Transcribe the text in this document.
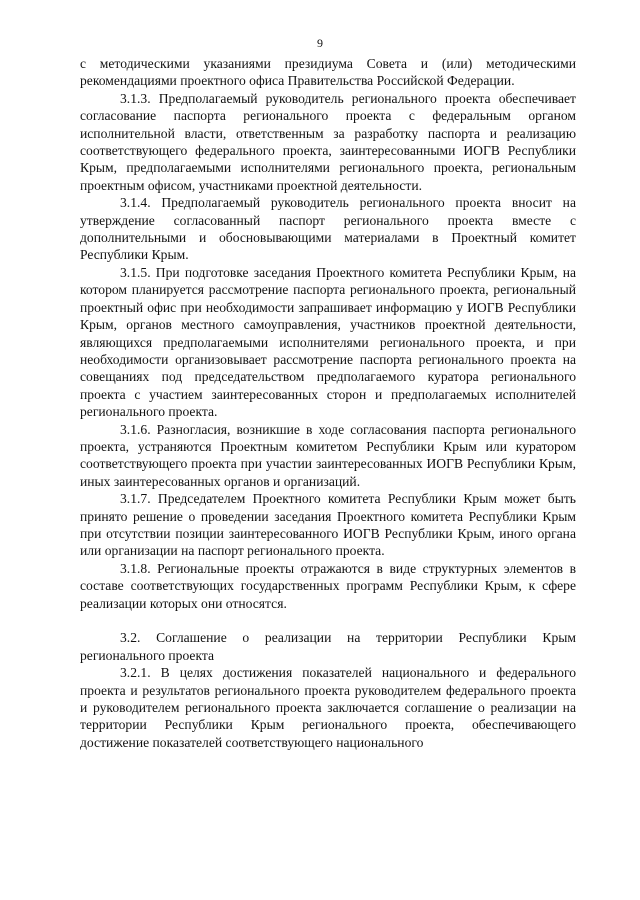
9

с методическими указаниями президиума Совета и (или) методическими рекомендациями проектного офиса Правительства Российской Федерации.

3.1.3. Предполагаемый руководитель регионального проекта обеспечивает согласование паспорта регионального проекта с федеральным органом исполнительной власти, ответственным за разработку паспорта и реализацию соответствующего федерального проекта, заинтересованными ИОГВ Республики Крым, предполагаемыми исполнителями регионального проекта, региональным проектным офисом, участниками проектной деятельности.

3.1.4. Предполагаемый руководитель регионального проекта вносит на утверждение согласованный паспорт регионального проекта вместе с дополнительными и обосновывающими материалами в Проектный комитет Республики Крым.

3.1.5. При подготовке заседания Проектного комитета Республики Крым, на котором планируется рассмотрение паспорта регионального проекта, региональный проектный офис при необходимости запрашивает информацию у ИОГВ Республики Крым, органов местного самоуправления, участников проектной деятельности, являющихся предполагаемыми исполнителями регионального проекта, и при необходимости организовывает рассмотрение паспорта регионального проекта на совещаниях под председательством предполагаемого куратора регионального проекта с участием заинтересованных сторон и предполагаемых исполнителей регионального проекта.

3.1.6. Разногласия, возникшие в ходе согласования паспорта регионального проекта, устраняются Проектным комитетом Республики Крым или куратором соответствующего проекта при участии заинтересованных ИОГВ Республики Крым, иных заинтересованных органов и организаций.

3.1.7. Председателем Проектного комитета Республики Крым может быть принято решение о проведении заседания Проектного комитета Республики Крым при отсутствии позиции заинтересованного ИОГВ Республики Крым, иного органа или организации на паспорт регионального проекта.

3.1.8. Региональные проекты отражаются в виде структурных элементов в составе соответствующих государственных программ Республики Крым, к сфере реализации которых они относятся.

3.2. Соглашение о реализации на территории Республики Крым регионального проекта

3.2.1. В целях достижения показателей национального и федерального проекта и результатов регионального проекта руководителем федерального проекта и руководителем регионального проекта заключается соглашение о реализации на территории Республики Крым регионального проекта, обеспечивающего достижение показателей соответствующего национального
